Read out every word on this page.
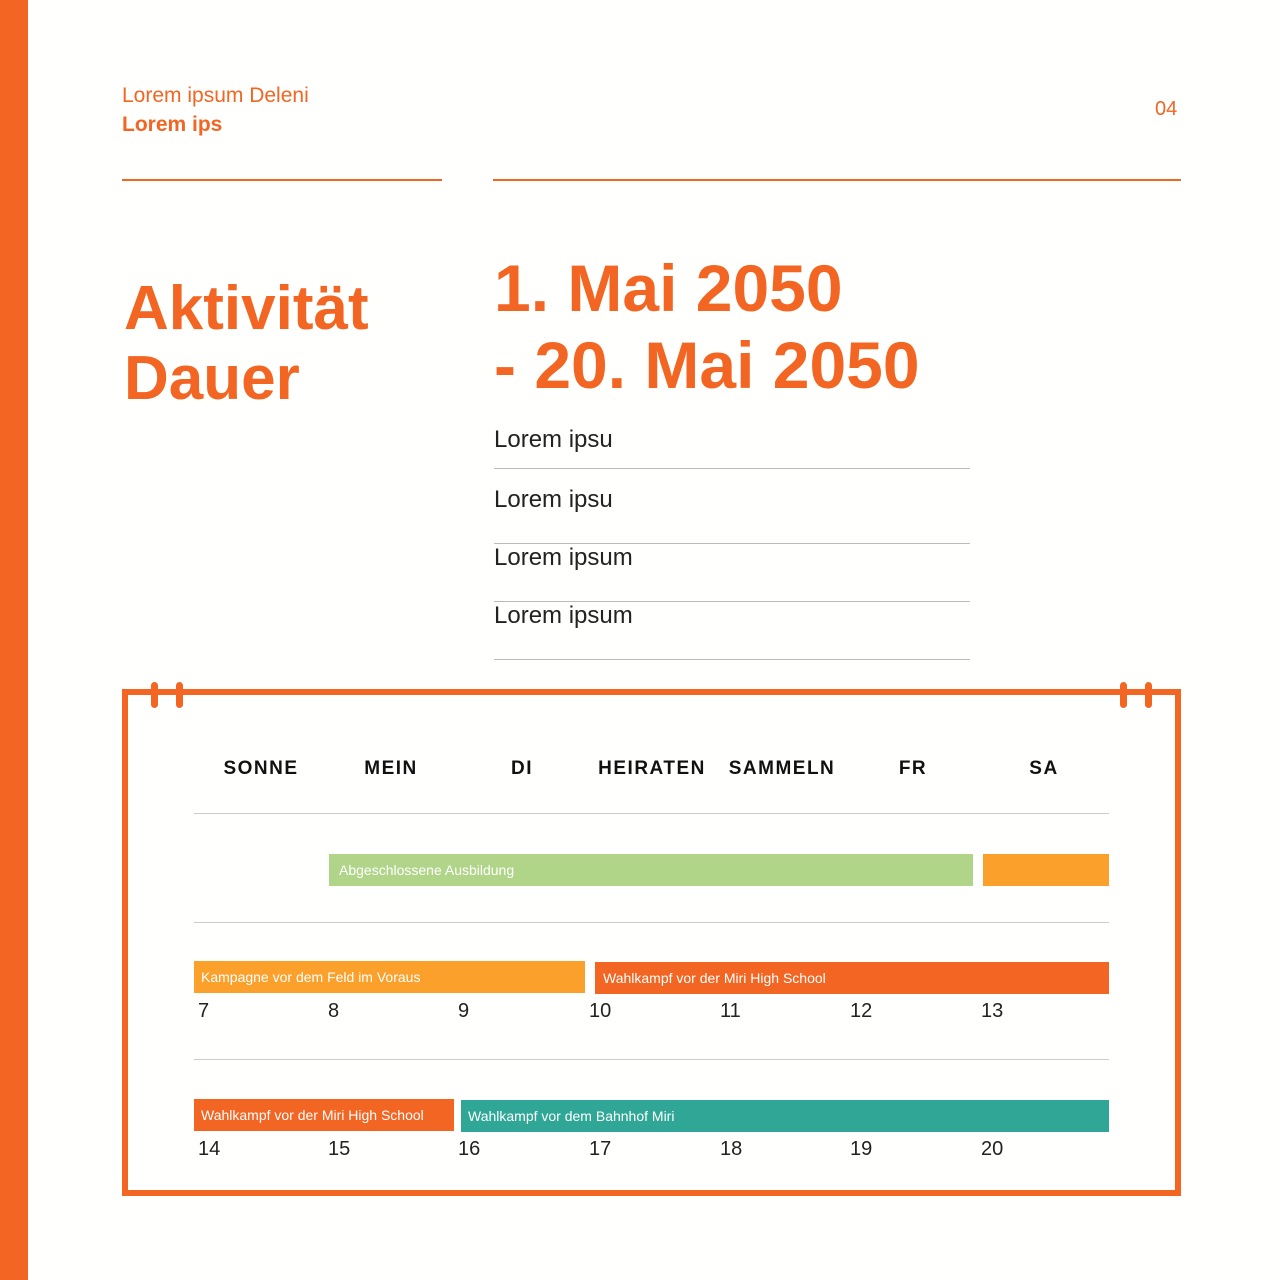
Lorem ipsum Deleni
Lorem ips
04
Aktivität
Dauer
1. Mai 2050
- 20. Mai 2050
Lorem ipsu
Lorem ipsu
Lorem ipsum
Lorem ipsum
SONNE	MEIN	DI	HEIRATEN	SAMMELN	FR	SA
7	8	9	10	11	12	13
14	15	16	17	18	19	20
Abgeschlossene Ausbildung
Kampagne vor dem Feld im Voraus	Wahlkampf vor der Miri High School
Wahlkampf vor der Miri High School	Wahlkampf vor dem Bahnhof Miri
